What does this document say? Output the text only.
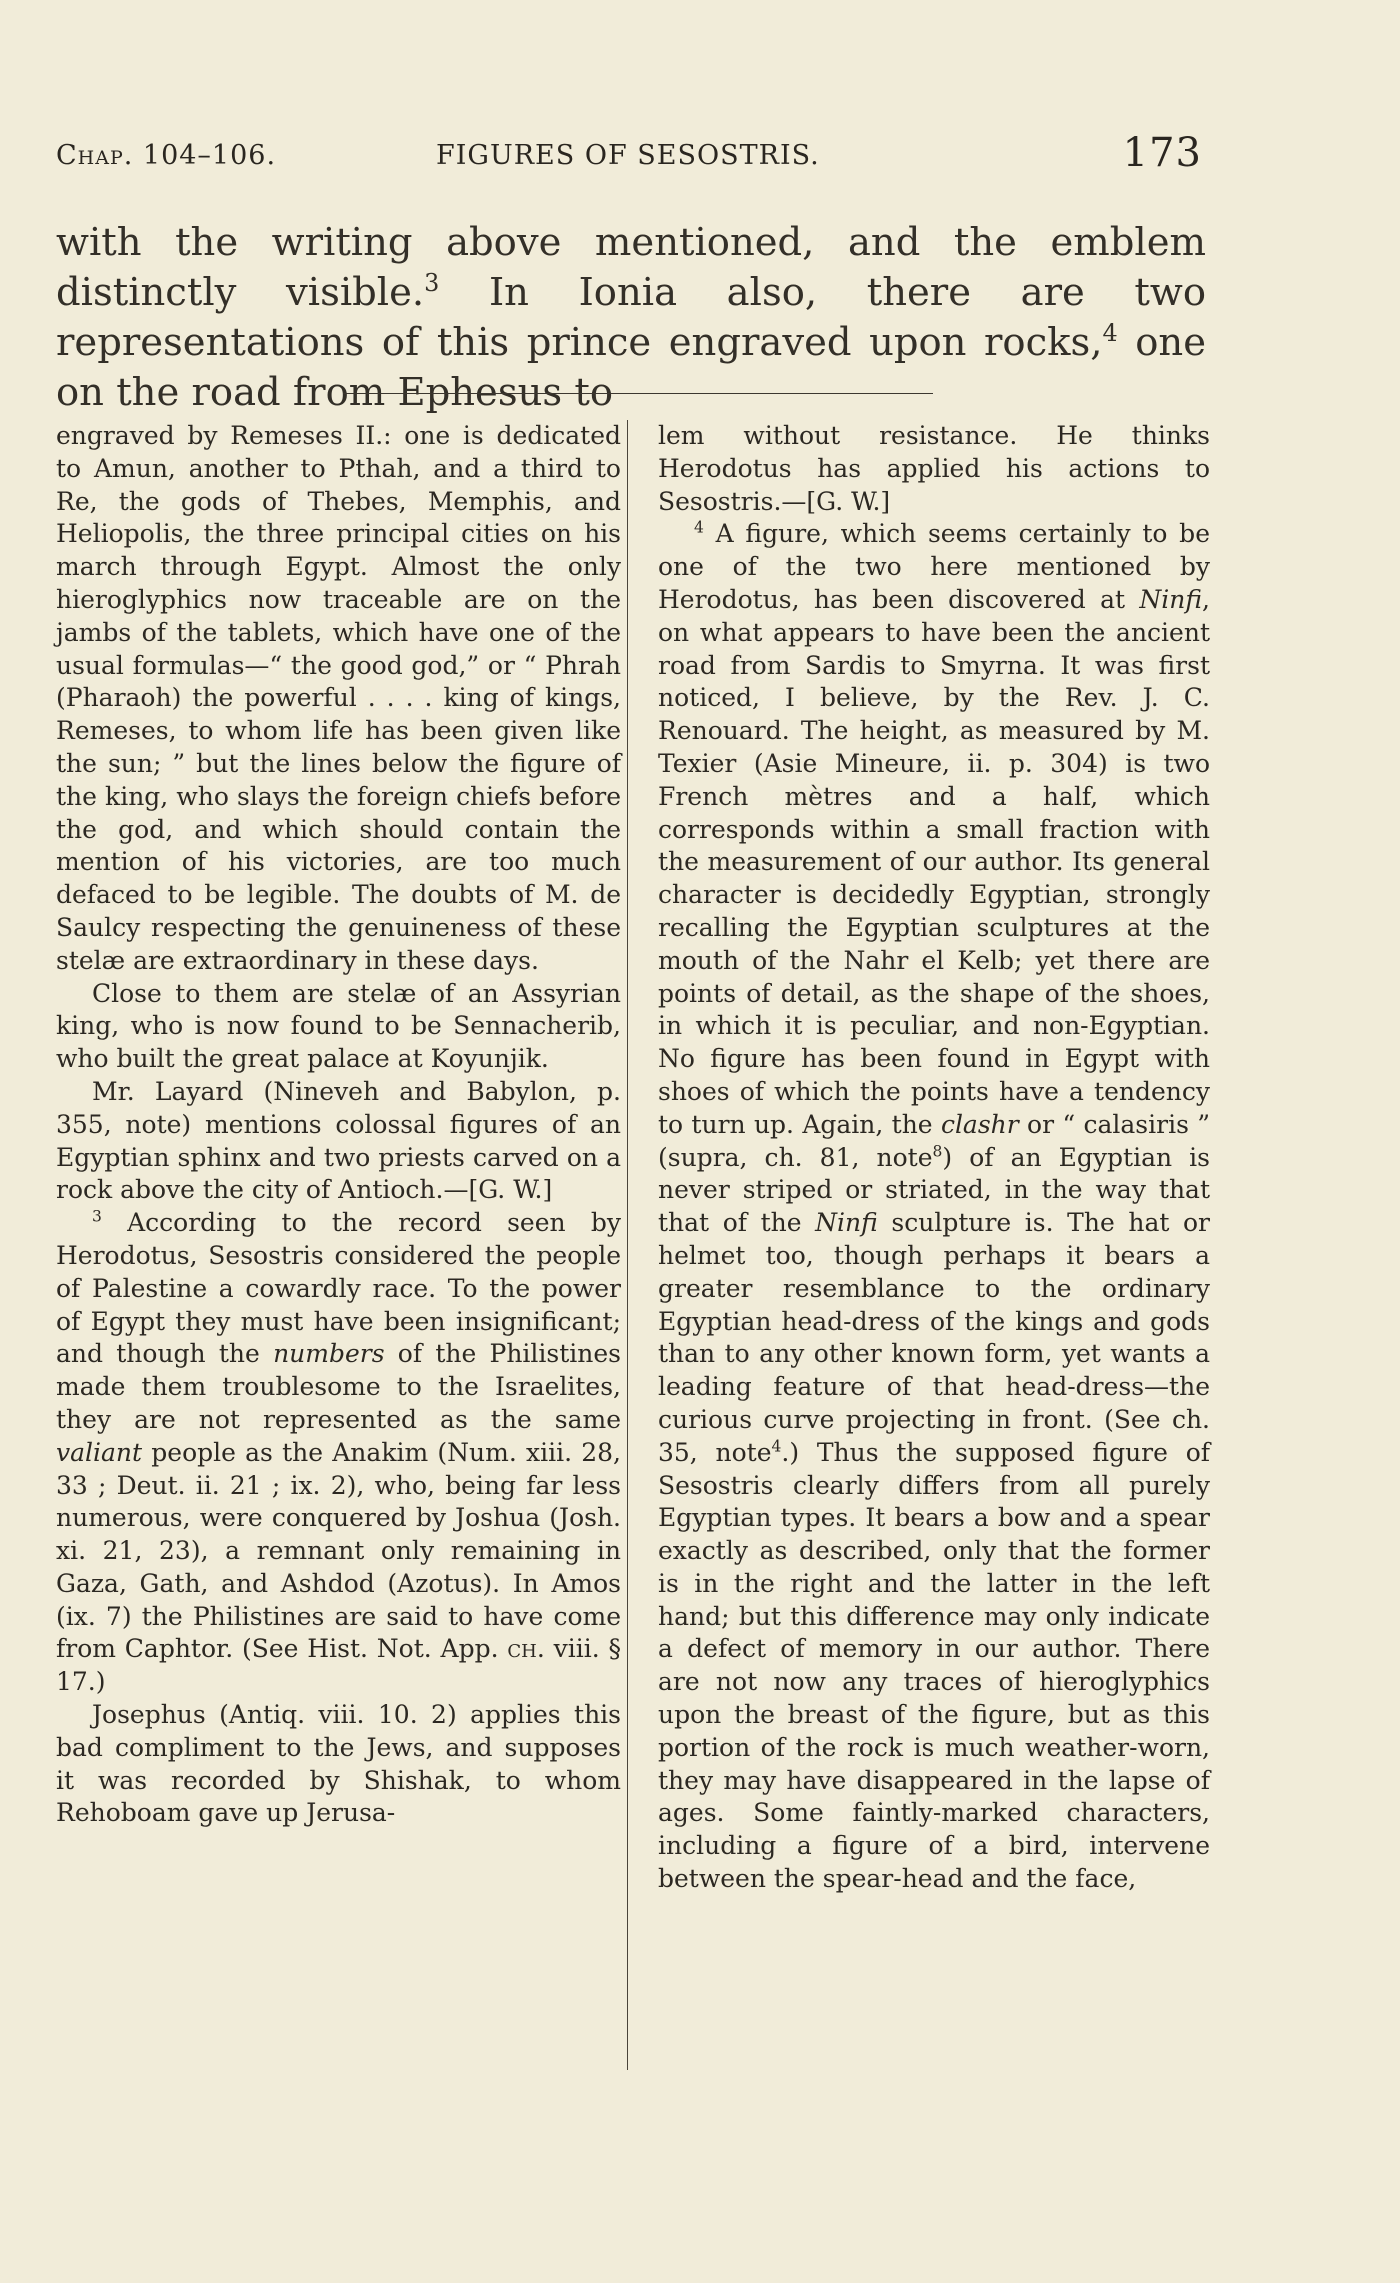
Chap. 104–106.	FIGURES OF SESOSTRIS.	173

with the writing above mentioned, and the emblem distinctly visible.$^3$ In Ionia also, there are two representations of this prince engraved upon rocks,$^4$ one on the road from Ephesus to

engraved by Remeses II.: one is dedicated to Amun, another to Pthah, and a third to Re, the gods of Thebes, Memphis, and Heliopolis, the three principal cities on his march through Egypt. Almost the only hieroglyphics now traceable are on the jambs of the tablets, which have one of the usual formulas—“ the good god,” or “ Phrah (Pharaoh) the powerful . . . . king of kings, Remeses, to whom life has been given like the sun; ” but the lines below the figure of the king, who slays the foreign chiefs before the god, and which should contain the mention of his victories, are too much defaced to be legible. The doubts of M. de Saulcy respecting the genuineness of these stelæ are extraordinary in these days.

Close to them are stelæ of an Assyrian king, who is now found to be Sennacherib, who built the great palace at Koyunjik.

Mr. Layard (Nineveh and Babylon, p. 355, note) mentions colossal figures of an Egyptian sphinx and two priests carved on a rock above the city of Antioch.—[G. W.]

$^3$ According to the record seen by Herodotus, Sesostris considered the people of Palestine a cowardly race. To the power of Egypt they must have been insignificant; and though the numbers of the Philistines made them troublesome to the Israelites, they are not represented as the same valiant people as the Anakim (Num. xiii. 28, 33 ; Deut. ii. 21 ; ix. 2), who, being far less numerous, were conquered by Joshua (Josh. xi. 21, 23), a remnant only remaining in Gaza, Gath, and Ashdod (Azotus). In Amos (ix. 7) the Philistines are said to have come from Caphtor. (See Hist. Not. App. ch. viii. § 17.)

Josephus (Antiq. viii. 10. 2) applies this bad compliment to the Jews, and supposes it was recorded by Shishak, to whom Rehoboam gave up Jerusa-

lem without resistance. He thinks Herodotus has applied his actions to Sesostris.—[G. W.]

$^4$ A figure, which seems certainly to be one of the two here mentioned by Herodotus, has been discovered at Ninfi, on what appears to have been the ancient road from Sardis to Smyrna. It was first noticed, I believe, by the Rev. J. C. Renouard. The height, as measured by M. Texier (Asie Mineure, ii. p. 304) is two French mètres and a half, which corresponds within a small fraction with the measurement of our author. Its general character is decidedly Egyptian, strongly recalling the Egyptian sculptures at the mouth of the Nahr el Kelb; yet there are points of detail, as the shape of the shoes, in which it is peculiar, and non-Egyptian. No figure has been found in Egypt with shoes of which the points have a tendency to turn up. Again, the clashr or “ calasiris ” (supra, ch. 81, note$^8$) of an Egyptian is never striped or striated, in the way that that of the Ninfi sculpture is. The hat or helmet too, though perhaps it bears a greater resemblance to the ordinary Egyptian head-dress of the kings and gods than to any other known form, yet wants a leading feature of that head-dress—the curious curve projecting in front. (See ch. 35, note$^4$.) Thus the supposed figure of Sesostris clearly differs from all purely Egyptian types. It bears a bow and a spear exactly as described, only that the former is in the right and the latter in the left hand; but this difference may only indicate a defect of memory in our author. There are not now any traces of hieroglyphics upon the breast of the figure, but as this portion of the rock is much weather-worn, they may have disappeared in the lapse of ages. Some faintly-marked characters, including a figure of a bird, intervene between the spear-head and the face,
